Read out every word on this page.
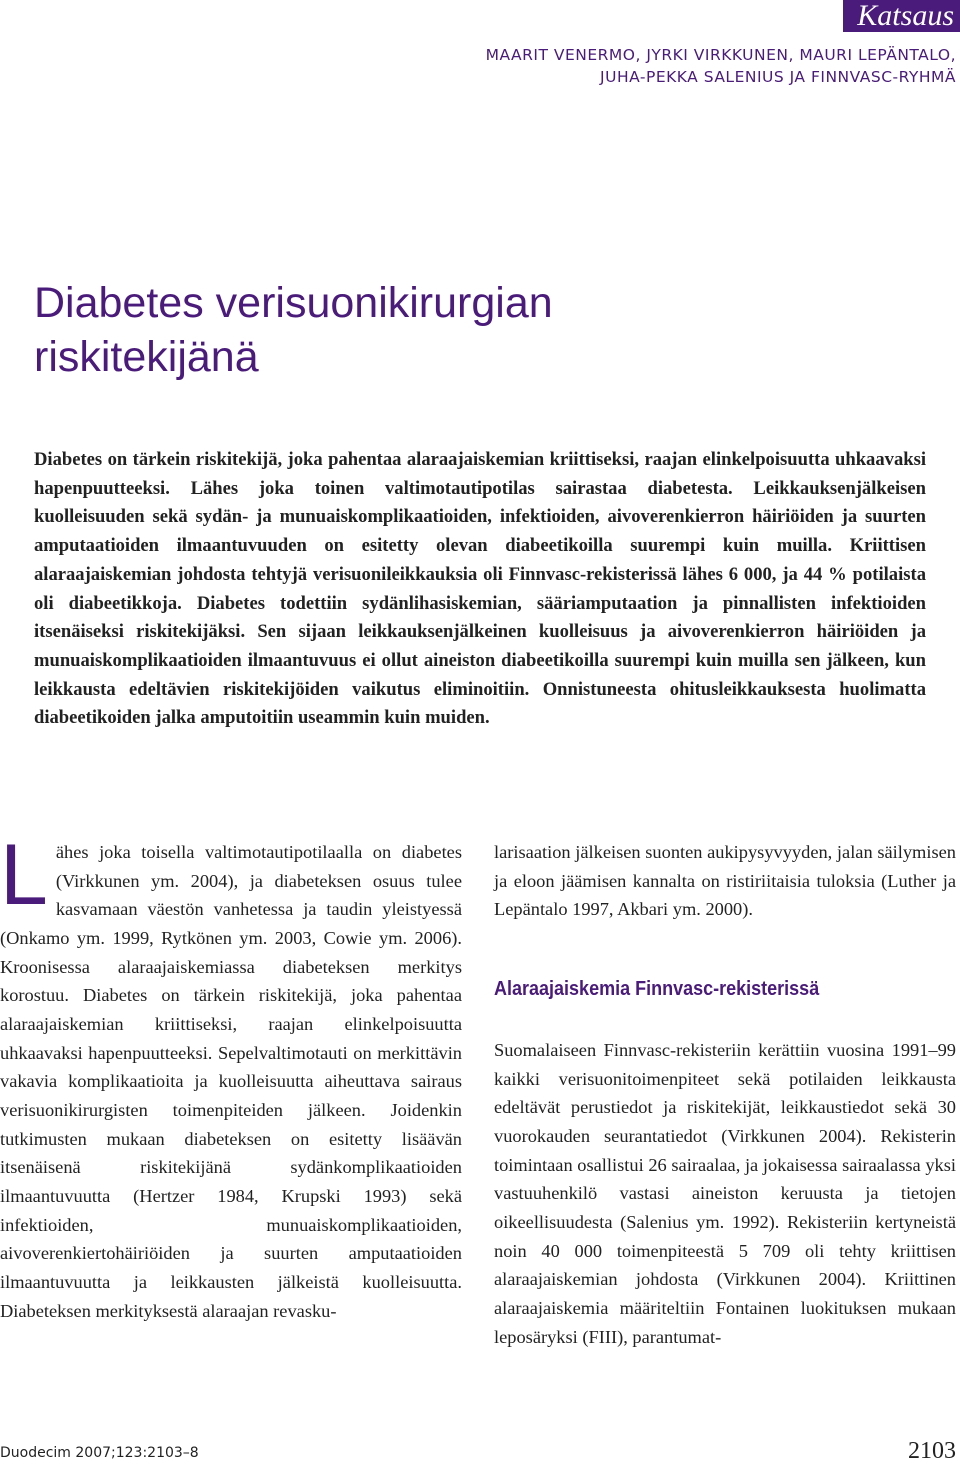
Katsaus
MAARIT VENERMO, JYRKI VIRKKUNEN, MAURI LEPÄNTALO,
JUHA-PEKKA SALENIUS JA FINNVASC-RYHMÄ
Diabetes verisuonikirurgian
riskitekijänä

Diabetes on tärkein riskitekijä, joka pahentaa alaraajaiskemian kriittiseksi, raajan elinkelpoisuutta uhkaavaksi hapenpuutteeksi. Lähes joka toinen valtimotautipotilas sairastaa diabetesta. Leikkauksenjälkeisen kuolleisuuden sekä sydän- ja munuaiskomplikaatioiden, infektioiden, aivoverenkierron häiriöiden ja suurten amputaatioiden ilmaantuvuuden on esitetty olevan diabeetikoilla suurempi kuin muilla. Kriittisen alaraajaiskemian johdosta tehtyjä verisuonileikkauksia oli Finnvasc-rekisterissä lähes 6 000, ja 44 % potilaista oli diabeetikkoja. Diabetes todettiin sydänlihasiskemian, sääriamputaation ja pinnallisten infektioiden itsenäiseksi riskitekijäksi. Sen sijaan leikkauksenjälkeinen kuolleisuus ja aivoverenkierron häiriöiden ja munuaiskomplikaatioiden ilmaantuvuus ei ollut aineiston diabeetikoilla suurempi kuin muilla sen jälkeen, kun leikkausta edeltävien riskitekijöiden vaikutus eliminoitiin. Onnistuneesta ohitusleikkauksesta huolimatta diabeetikoiden jalka amputoitiin useammin kuin muiden.

L ähes joka toisella valtimotautipotilaalla on diabetes (Virkkunen ym. 2004), ja diabeteksen osuus tulee kasvamaan väestön vanhetessa ja taudin yleistyessä (Onkamo ym. 1999, Rytkönen ym. 2003, Cowie ym. 2006). Kroonisessa alaraajaiskemiassa diabeteksen merkitys korostuu. Diabetes on tärkein riskitekijä, joka pahentaa alaraajaiskemian kriittiseksi, raajan elinkelpoisuutta uhkaavaksi hapenpuutteeksi. Sepelvaltimotauti on merkittävin vakavia komplikaatioita ja kuolleisuutta aiheuttava sairaus verisuonikirurgisten toimenpiteiden jälkeen. Joidenkin tutkimusten mukaan diabeteksen on esitetty lisäävän itsenäisenä riskitekijänä sydänkomplikaatioiden ilmaantuvuutta (Hertzer 1984, Krupski 1993) sekä infektioiden, munuaiskomplikaatioiden, aivoverenkiertohäiriöiden ja suurten amputaatioiden ilmaantuvuutta ja leikkausten jälkeistä kuolleisuutta. Diabeteksen merkityksestä alaraajan revasku-

larisaation jälkeisen suonten aukipysyvyyden, jalan säilymisen ja eloon jäämisen kannalta on ristiriitaisia tuloksia (Luther ja Lepäntalo 1997, Akbari ym. 2000).

Alaraajaiskemia Finnvasc-rekisterissä

Suomalaiseen Finnvasc-rekisteriin kerättiin vuosina 1991–99 kaikki verisuonitoimenpiteet sekä potilaiden leikkausta edeltävät perustiedot ja riskitekijät, leikkaustiedot sekä 30 vuorokauden seurantatiedot (Virkkunen 2004). Rekisterin toimintaan osallistui 26 sairaalaa, ja jokaisessa sairaalassa yksi vastuuhenkilö vastasi aineiston keruusta ja tietojen oikeellisuudesta (Salenius ym. 1992). Rekisteriin kertyneistä noin 40 000 toimenpiteestä 5 709 oli tehty kriittisen alaraajaiskemian johdosta (Virkkunen 2004). Kriittinen alaraajaiskemia määriteltiin Fontainen luokituksen mukaan leposäryksi (FIII), parantumat-

Duodecim 2007;123:2103–8	2103
